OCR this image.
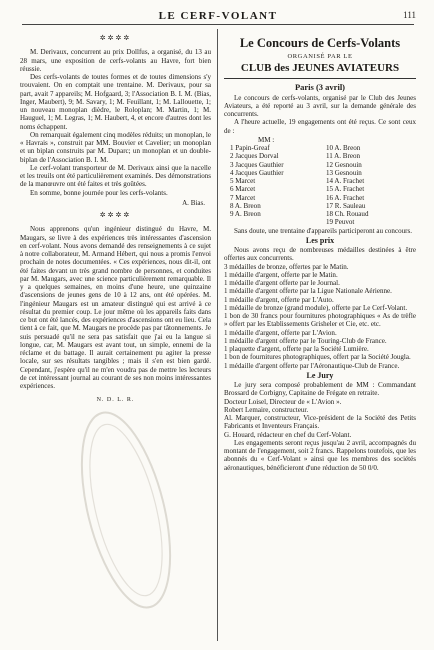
LE CERF-VOLANT	111
✲✲✲✲

M. Derivaux, concurrent au prix Dollfus, a organisé, du 13 au 28 mars, une exposition de cerfs-volants au Havre, fort bien réussie.

Des cerfs-volants de toutes formes et de toutes dimensions s'y trouvaient. On en comptait une trentaine. M. Derivaux, pour sa part, avait 7 appareils; M. Hofgaard, 3; l'Association B. I. M. (Bias, Inger, Maubert), 9; M. Savary, 1; M. Feuillant, 1; M. Lallouette, 1; un nouveau monoplan dièdre, le Roloplan; M. Martin, 1; M. Hauguel, 1; M. Legras, 1; M. Haubert, 4, et encore d'autres dont les noms échappent.

On remarquait également cinq modèles réduits; un monoplan, le « Havrais », construit par MM. Bouvier et Cavelier; un monoplan et un biplan construits par M. Duparc; un monoplan et un double-biplan de l'Association B. I. M.

Le cerf-volant transporteur de M. Derivaux ainsi que la nacelle et les treuils ont été particulièrement examinés. Des démonstrations de la manœuvre ont été faites et très goûtées.

En somme, bonne journée pour les cerfs-volants.

A. Bias.
✲✲✲✲

Nous apprenons qu'un ingénieur distingué du Havre, M. Maugars, se livre à des expériences très intéressantes d'ascension en cerf-volant. Nous avons demandé des renseignements à ce sujet à notre collaborateur, M. Armand Hébert, qui nous a promis l'envoi prochain de notes documentées. « Ces expériences, nous dit-il, ont été faites devant un très grand nombre de personnes, et conduites par M. Maugars, avec une science particulièrement remarquable. Il y a quelques semaines, en moins d'une heure, une quinzaine d'ascensions de jeunes gens de 10 à 12 ans, ont été opérées. M. l'ingénieur Maugars est un amateur distingué qui est arrivé à ce résultat du premier coup. Le jour même où les appareils faits dans ce but ont été lancés, des expériences d'ascensions ont eu lieu. Cela tient à ce fait, que M. Maugars ne procède pas par tâtonnements. Je suis persuadé qu'il ne sera pas satisfait que j'ai eu la langue si longue, car, M. Maugars est avant tout, un simple, ennemi de la réclame et du battage. Il aurait certainement pu agiter la presse locale, sur ses résultats tangibles ; mais il s'en est bien gardé. Cependant, j'espère qu'il ne m'en voudra pas de mettre les lecteurs de cet intéressant journal au courant de ses non moins intéressantes expériences.

N. D. L. R.
Le Concours de Cerfs-Volants
ORGANISÉ PAR LE
CLUB des JEUNES AVIATEURS
Paris (3 avril)

Le concours de cerfs-volants, organisé par le Club des Jeunes Aviateurs, a été reporté au 3 avril, sur la demande générale des concurrents.

A l'heure actuelle, 19 engagements ont été reçus. Ce sont ceux de :

MM :
1 Papin-Greaf	10 A. Breon
2 Jacques Dorval	11 A. Breon
3 Jacques Gauthier	12 Gesnouin
4 Jacques Gauthier	13 Gesnouin
5 Marcet	14 A. Frachet
6 Marcet	15 A. Frachet
7 Marcet	16 A. Frachet
8 A. Breon	17 R. Sauleau
9 A. Breon	18 Ch. Rouaud
19 Peuvot

Sans doute, une trentaine d'appareils participeront au concours.

Les prix

Nous avons reçu de nombreuses médailles destinées à être offertes aux concurrents.

3 médailles de bronze, offertes par le Matin.

1 médaille d'argent, offerte par le Matin.

1 médaille d'argent offerte par le Journal.

1 médaille d'argent offerte par la Ligue Nationale Aérienne.

1 médaille d'argent, offerte par L'Auto.

1 médaille de bronze (grand module), offerte par Le Cerf-Volant.

1 bon de 30 francs pour fournitures photographiques « As de trèfle » offert par les Etablissements Grisheler et Cie, etc. etc.

1 médaille d'argent, offerte par L'Avion.

1 médaille d'argent offerte par le Touring-Club de France.

1 plaquette d'argent, offerte par la Société Lumière.

1 bon de fournitures photographiques, offert par la Société Jougla.

1 médaille d'argent offerte par l'Aéronautique-Club de France.

Le Jury

Le jury sera composé probablement de MM : Commandant Brossard de Corbigny, Capitaine de Frégate en retraite.

Docteur Loisel, Directeur de « L'Avion ».

Robert Lemaire, constructeur.

Al. Marquer, constructeur, Vice-président de la Société des Petits Fabricants et Inventeurs Français.

G. Houard, rédacteur en chef du Cerf-Volant.

Les engagements seront reçus jusqu'au 2 avril, accompagnés du montant de l'engagement, soit 2 francs. Rappelons toutefois, que les abonnés du « Cerf-Volant » ainsi que les membres des sociétés aéronautiques, bénéficieront d'une réduction de 50 0/0.
